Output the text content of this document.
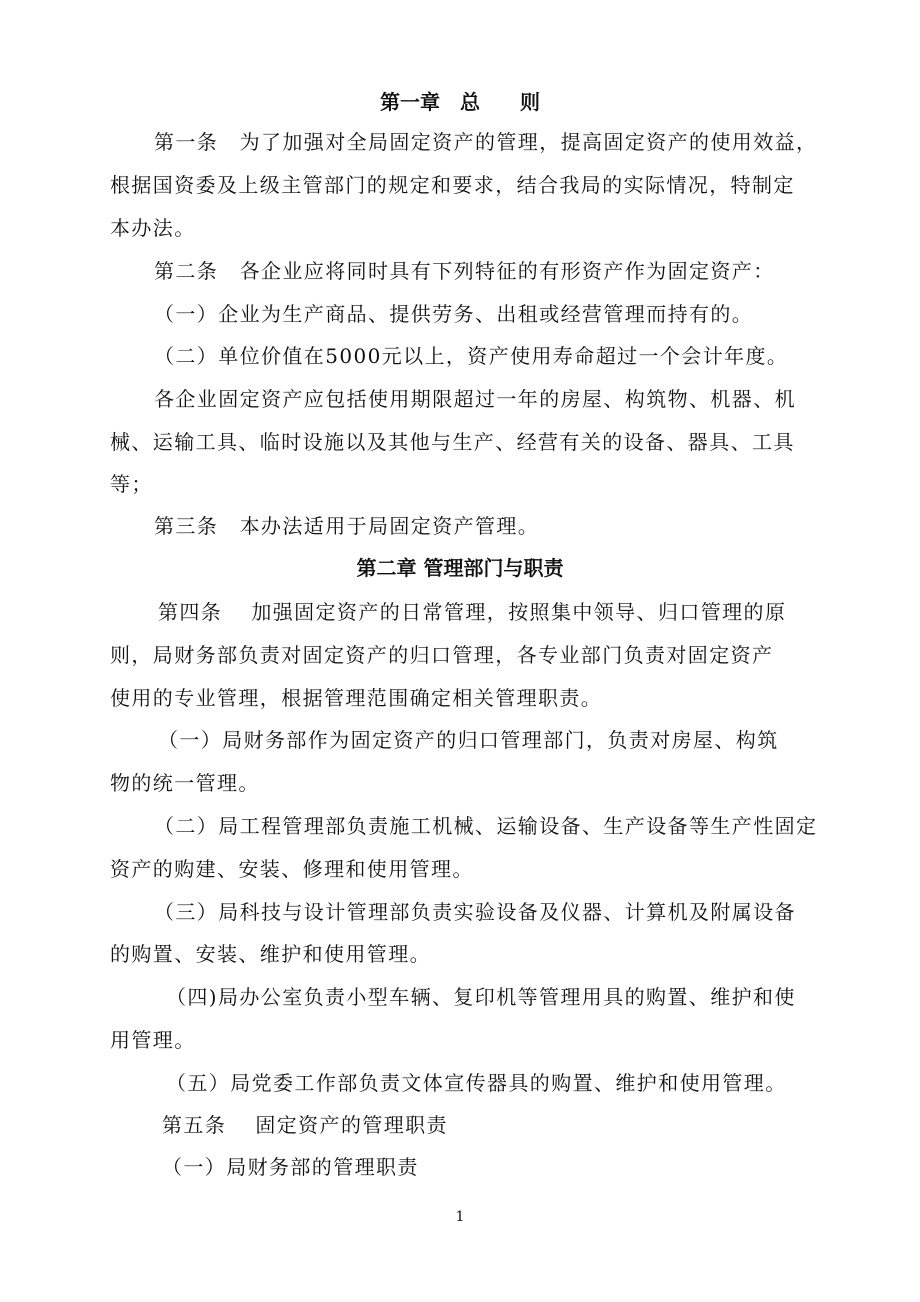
第一章　总　　则
第一条　为了加强对全局固定资产的管理，提高固定资产的使用效益，
根据国资委及上级主管部门的规定和要求，结合我局的实际情况，特制定
本办法。
第二条　各企业应将同时具有下列特征的有形资产作为固定资产：
（一）企业为生产商品、提供劳务、出租或经营管理而持有的。
（二）单位价值在5000元以上，资产使用寿命超过一个会计年度。
各企业固定资产应包括使用期限超过一年的房屋、构筑物、机器、机
械、运输工具、临时设施以及其他与生产、经营有关的设备、器具、工具
等；
第三条　本办法适用于局固定资产管理。
第二章 管理部门与职责
第四条　 加强固定资产的日常管理，按照集中领导、归口管理的原
则，局财务部负责对固定资产的归口管理，各专业部门负责对固定资产
使用的专业管理，根据管理范围确定相关管理职责。
（一）局财务部作为固定资产的归口管理部门，负责对房屋、构筑
物的统一管理。
（二）局工程管理部负责施工机械、运输设备、生产设备等生产性固定
资产的购建、安装、修理和使用管理。
（三）局科技与设计管理部负责实验设备及仪器、计算机及附属设备
的购置、安装、维护和使用管理。
（四)局办公室负责小型车辆、复印机等管理用具的购置、维护和使
用管理。
（五）局党委工作部负责文体宣传器具的购置、维护和使用管理。
第五条　 固定资产的管理职责
（一）局财务部的管理职责
1
